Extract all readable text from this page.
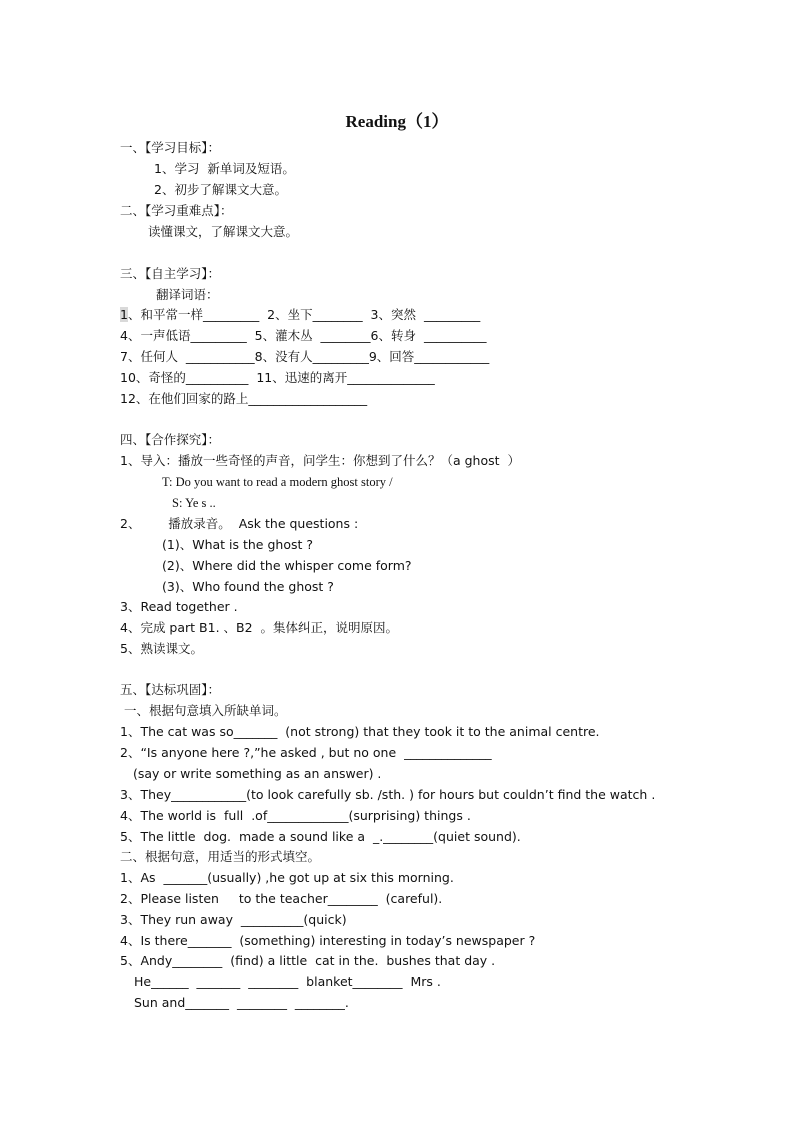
Reading（1）
一、【学习目标】：
1、学习  新单词及短语。
2、初步了解课文大意。
二、【学习重难点】：
读懂课文，了解课文大意。
三、【自主学习】：
翻译词语：
1、和平常一样_________  2、坐下________  3、突然  _________
4、一声低语_________  5、灌木丛  ________6、转身  __________
7、任何人  ___________8、没有人_________9、回答____________
10、奇怪的__________  11、迅速的离开______________
12、在他们回家的路上___________________
四、【合作探究】：
1、导入：播放一些奇怪的声音，问学生：你想到了什么？（a ghost  ）
T: Do you want to read a modern ghost story /
S: Ye s ..
2、       播放录音。  Ask the questions :
(1)、What is the ghost ?
(2)、Where did the whisper come form?
(3)、Who found the ghost ?
3、Read together .
4、完成 part B1. 、B2  。集体纠正，说明原因。
5、熟读课文。
五、【达标巩固】：
一、根据句意填入所缺单词。
1、The cat was so_______  (not strong) that they took it to the animal centre.
2、“Is anyone here ?,”he asked , but no one  ______________
(say or write something as an answer) .
3、They____________(to look carefully sb. /sth. ) for hours but couldn’t find the watch .
4、The world is  full  .of_____________(surprising) things .
5、The little  dog.  made a sound like a  _.________(quiet sound).
二、根据句意，用适当的形式填空。
1、As  _______(usually) ,he got up at six this morning.
2、Please listen     to the teacher________  (careful).
3、They run away  __________(quick)
4、Is there_______  (something) interesting in today’s newspaper ?
5、Andy________  (find) a little  cat in the.  bushes that day .
He______  _______  ________  blanket________  Mrs .
Sun and_______  ________  ________.
